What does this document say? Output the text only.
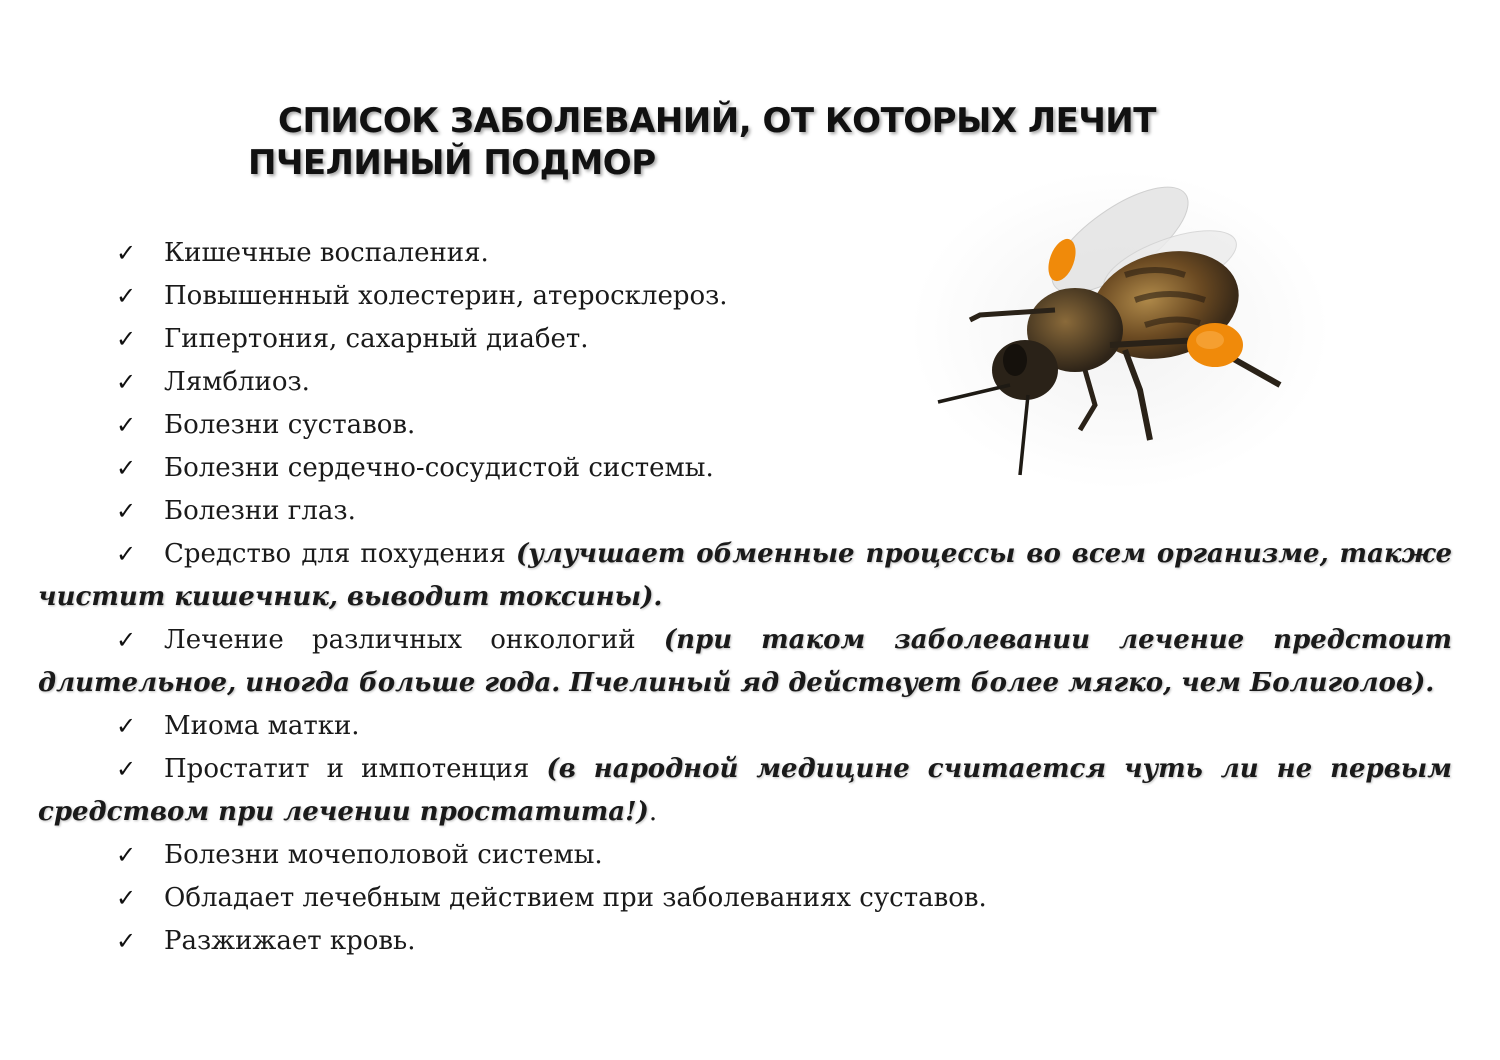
СПИСОК ЗАБОЛЕВАНИЙ, ОТ КОТОРЫХ ЛЕЧИТ
ПЧЕЛИНЫЙ ПОДМОР
✓ Кишечные воспаления.
✓ Повышенный холестерин, атеросклероз.
✓ Гипертония, сахарный диабет.
✓ Лямблиоз.
✓ Болезни суставов.
✓ Болезни сердечно-сосудистой системы.
✓ Болезни глаз.
✓ Средство для похудения (улучшает обменные процессы во всем организме, также чистит кишечник, выводит токсины).
✓ Лечение различных онкологий (при таком заболевании лечение предстоит длительное, иногда больше года. Пчелиный яд действует более мягко, чем Болиголов).
✓ Миома матки.
✓ Простатит и импотенция (в народной медицине считается чуть ли не первым средством при лечении простатита!).
✓ Болезни мочеполовой системы.
✓ Обладает лечебным действием при заболеваниях суставов.
✓ Разжижает кровь.
